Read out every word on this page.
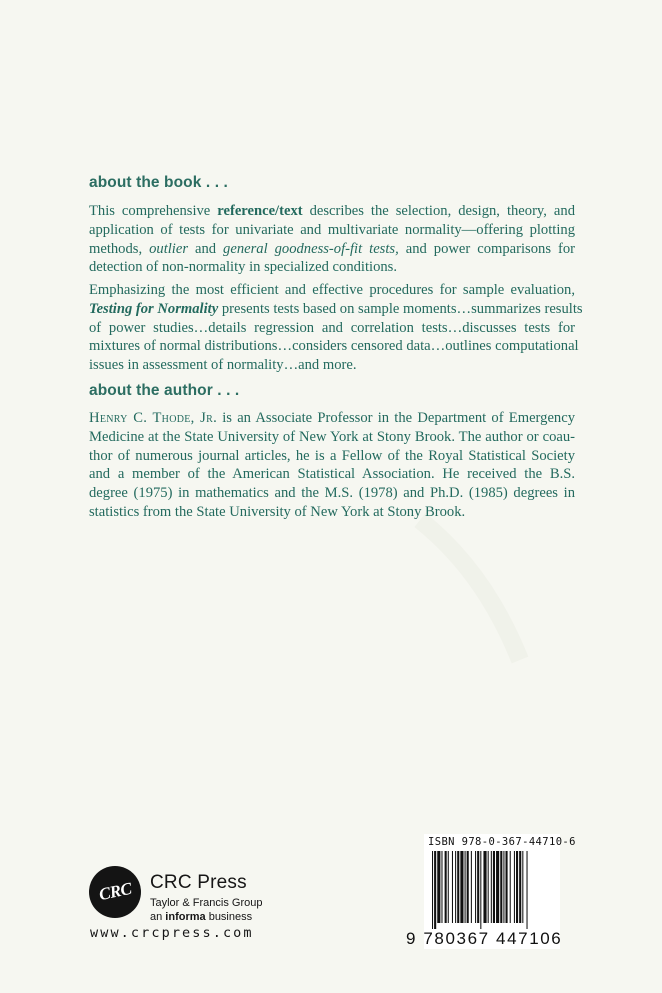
about the book . . .
This comprehensive reference/text describes the selection, design, theory, and
application of tests for univariate and multivariate normality—offering plotting
methods, outlier and general goodness-of-fit tests, and power comparisons for
detection of non-normality in specialized conditions.
Emphasizing the most efficient and effective procedures for sample evaluation,
Testing for Normality presents tests based on sample moments…summarizes results
of power studies…details regression and correlation tests…discusses tests for
mixtures of normal distributions…considers censored data…outlines computational
issues in assessment of normality…and more.
about the author . . .
Henry C. Thode, Jr. is an Associate Professor in the Department of Emergency
Medicine at the State University of New York at Stony Brook. The author or coau-
thor of numerous journal articles, he is a Fellow of the Royal Statistical Society
and a member of the American Statistical Association. He received the B.S.
degree (1975) in mathematics and the M.S. (1978) and Ph.D. (1985) degrees in
statistics from the State University of New York at Stony Brook.
CRC CRC Press
Taylor & Francis Group
an informa business
www.crcpress.com
ISBN 978-0-367-44710-6
9 780367 447106
